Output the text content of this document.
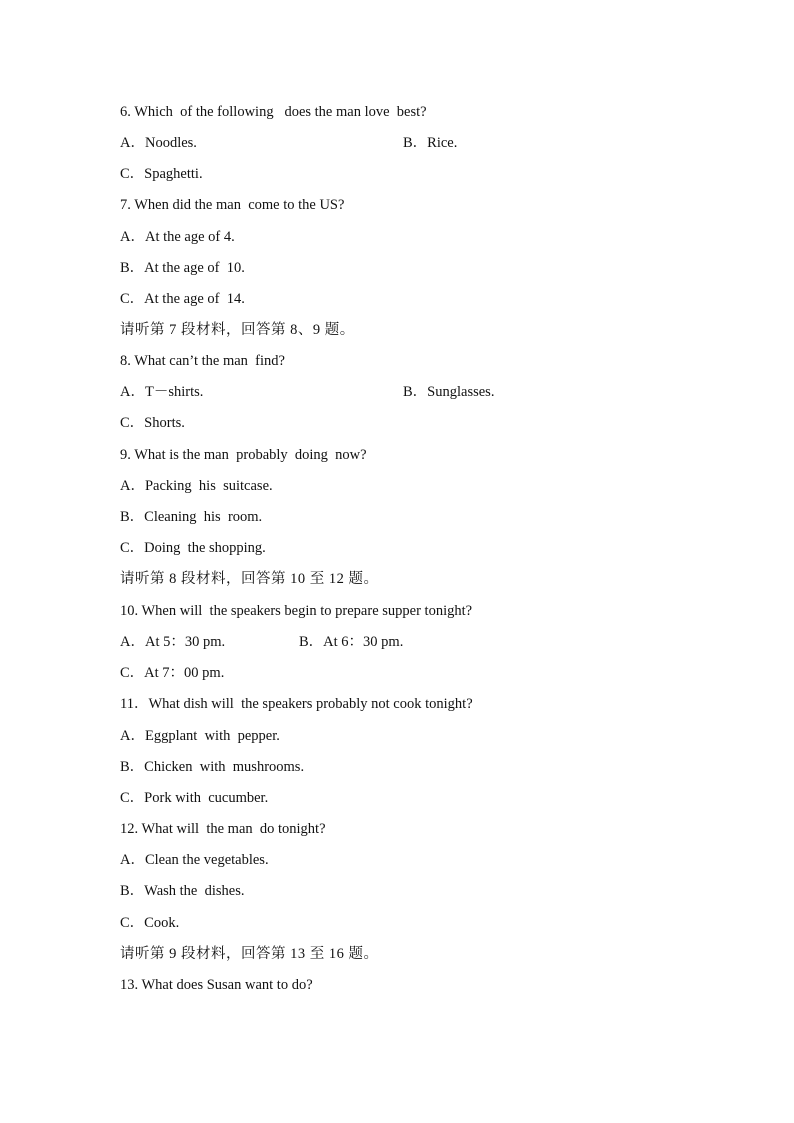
6. Which  of the following   does the man love  best?
A．Noodles.	B．Rice.
C．Spaghetti.
7. When did the man  come to the US?
A．At the age of 4.
B．At the age of  10.
C．At the age of  14.
请听第 7 段材料，回答第 8、9 题。
8. What can’t the man  find?
A．T－shirts.	B．Sunglasses.
C．Shorts.
9. What is the man  probably  doing  now?
A．Packing  his  suitcase.
B．Cleaning  his  room.
C．Doing  the shopping.
请听第 8 段材料，回答第 10 至 12 题。
10. When will  the speakers begin to prepare supper tonight?
A．At 5：30 pm.	B．At 6：30 pm.
C．At 7：00 pm.
11．What dish will  the speakers probably not cook tonight?
A．Eggplant  with  pepper.
B．Chicken  with  mushrooms.
C．Pork with  cucumber.
12. What will  the man  do tonight?
A．Clean the vegetables.
B．Wash the  dishes.
C．Cook.
请听第 9 段材料，回答第 13 至 16 题。
13. What does Susan want to do?
